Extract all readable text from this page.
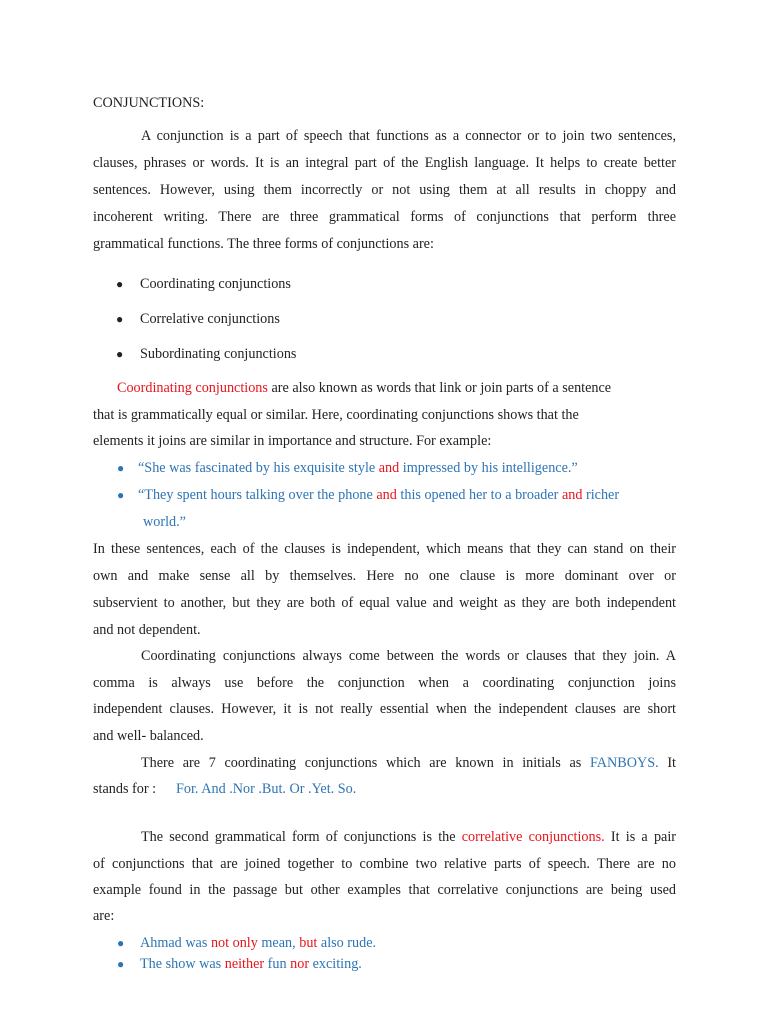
CONJUNCTIONS:
A conjunction is a part of speech that functions as a connector or to join two sentences,
clauses, phrases or words. It is an integral part of the English language. It helps to create better
sentences. However, using them incorrectly or not using them at all results in choppy and
incoherent writing. There are three grammatical forms of conjunctions that perform three
grammatical functions. The three forms of conjunctions are:
● Coordinating conjunctions
● Correlative conjunctions
● Subordinating conjunctions
Coordinating conjunctions are also known as words that link or join parts of a sentence
that is grammatically equal or similar. Here, coordinating conjunctions shows that the
elements it joins are similar in importance and structure. For example:
● “She was fascinated by his exquisite style and impressed by his intelligence.”
● “They spent hours talking over the phone and this opened her to a broader and richer
world.”
In these sentences, each of the clauses is independent, which means that they can stand on their
own and make sense all by themselves. Here no one clause is more dominant over or
subservient to another, but they are both of equal value and weight as they are both independent
and not dependent.
Coordinating conjunctions always come between the words or clauses that they join. A
comma is always use before the conjunction when a coordinating conjunction joins
independent clauses. However, it is not really essential when the independent clauses are short
and well- balanced.
There are 7 coordinating conjunctions which are known in initials as FANBOYS. It
stands for :	For. And .Nor .But. Or .Yet. So.
The second grammatical form of conjunctions is the correlative conjunctions. It is a pair
of conjunctions that are joined together to combine two relative parts of speech. There are no
example found in the passage but other examples that correlative conjunctions are being used
are:
● Ahmad was not only mean, but also rude.
● The show was neither fun nor exciting.
